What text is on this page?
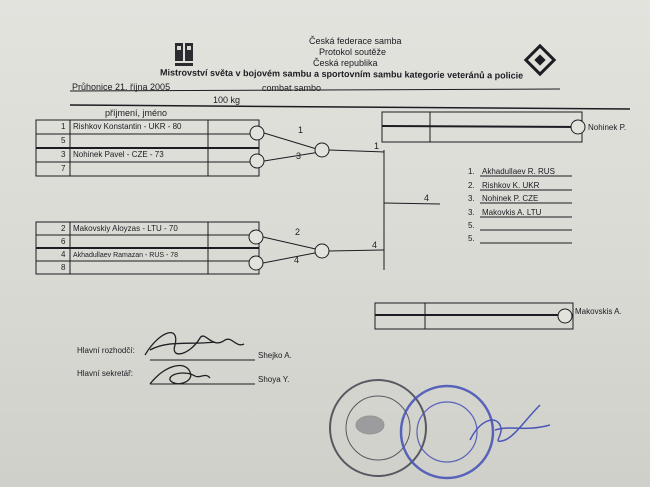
Česká federace samba
Protokol soutěže
Česká republika
Mistrovství světa v bojovém sambu a sportovním sambu kategorie veteránů a policie
Průhonice 21. října 2005	combat sambo
100 kg
příjmení, jméno
1 Rishkov Konstantin - UKR - 80
5
3 Nohinek Pavel - CZE - 73
7
2 Makovskiy Aloyzas - LTU - 70
6
4 Akhadullaev Ramazan - RUS - 78
8
1
3
1
2
4
4
4
Nohinek P.
Makovskis A.
1. Akhadullaev R. RUS
2. Rishkov K. UKR
3. Nohinek P. CZE
3. Makovkis A. LTU
5.
5.
Hlavní rozhodčí:
Shejko A.
Hlavní sekretář:
Shoya Y.
